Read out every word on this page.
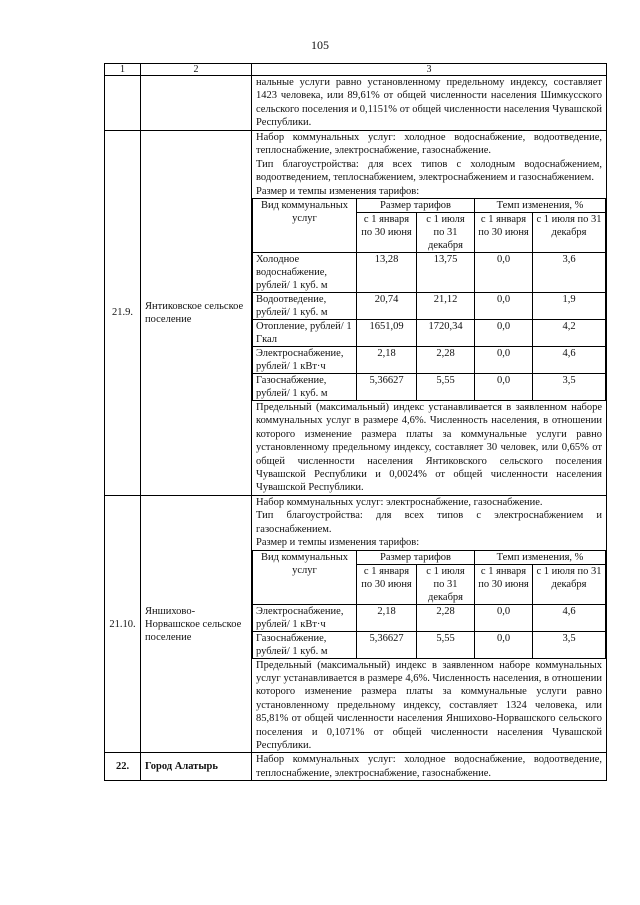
105
1	2	3

нальные услуги равно установленному предельному индексу, составляет 1423 человека, или 89,61% от общей численности населения Шимкусского сельского поселения и 0,1151% от общей численности населения Чувашской Республики.

21.9.	Янтиковское сельское поселение	

Набор коммунальных услуг: холодное водоснабжение, водоотведение, теплоснабжение, электроснабжение, газоснабжение.

Тип благоустройства: для всех типов с холодным водоснабжением, водоотведением, теплоснабжением, электроснабжением и газоснабжением.

Размер и темпы изменения тарифов:

Вид коммунальных услуг	Размер тарифов	Темп изменения, %
с 1 января по 30 июня	с 1 июля по 31 декабря	с 1 января по 30 июня	с 1 июля по 31 декабря
Холодное водоснабжение, рублей/ 1 куб. м	13,28	13,75	0,0	3,6
Водоотведение, рублей/ 1 куб. м	20,74	21,12	0,0	1,9
Отопление, рублей/ 1 Гкал	1651,09	1720,34	0,0	4,2
Электроснабжение, рублей/ 1 кВт·ч	2,18	2,28	0,0	4,6
Газоснабжение, рублей/ 1 куб. м	5,36627	5,55	0,0	3,5

Предельный (максимальный) индекс устанавливается в заявленном наборе коммунальных услуг в размере 4,6%. Численность населения, в отношении которого изменение размера платы за коммунальные услуги равно установленному предельному индексу, составляет 30 человек, или 0,65% от общей численности населения Янтиковского сельского поселения Чувашской Республики и 0,0024% от общей численности населения Чувашской Республики.

21.10.	Яншихово-Норвашское сельское поселение	

Набор коммунальных услуг: электроснабжение, газоснабжение.

Тип благоустройства: для всех типов с электроснабжением и газоснабжением.

Размер и темпы изменения тарифов:

Вид коммунальных услуг	Размер тарифов	Темп изменения, %
с 1 января по 30 июня	с 1 июля по 31 декабря	с 1 января по 30 июня	с 1 июля по 31 декабря
Электроснабжение, рублей/ 1 кВт·ч	2,18	2,28	0,0	4,6
Газоснабжение, рублей/ 1 куб. м	5,36627	5,55	0,0	3,5

Предельный (максимальный) индекс в заявленном наборе коммунальных услуг устанавливается в размере 4,6%. Численность населения, в отношении которого изменение размера платы за коммунальные услуги равно установленному предельному индексу, составляет 1324 человека, или 85,81% от общей численности населения Яншихово-Норвашского сельского поселения и 0,1071% от общей численности населения Чувашской Республики.

22.	Город Алатырь	

Набор коммунальных услуг: холодное водоснабжение, водоотведение, теплоснабжение, электроснабжение, газоснабжение.
